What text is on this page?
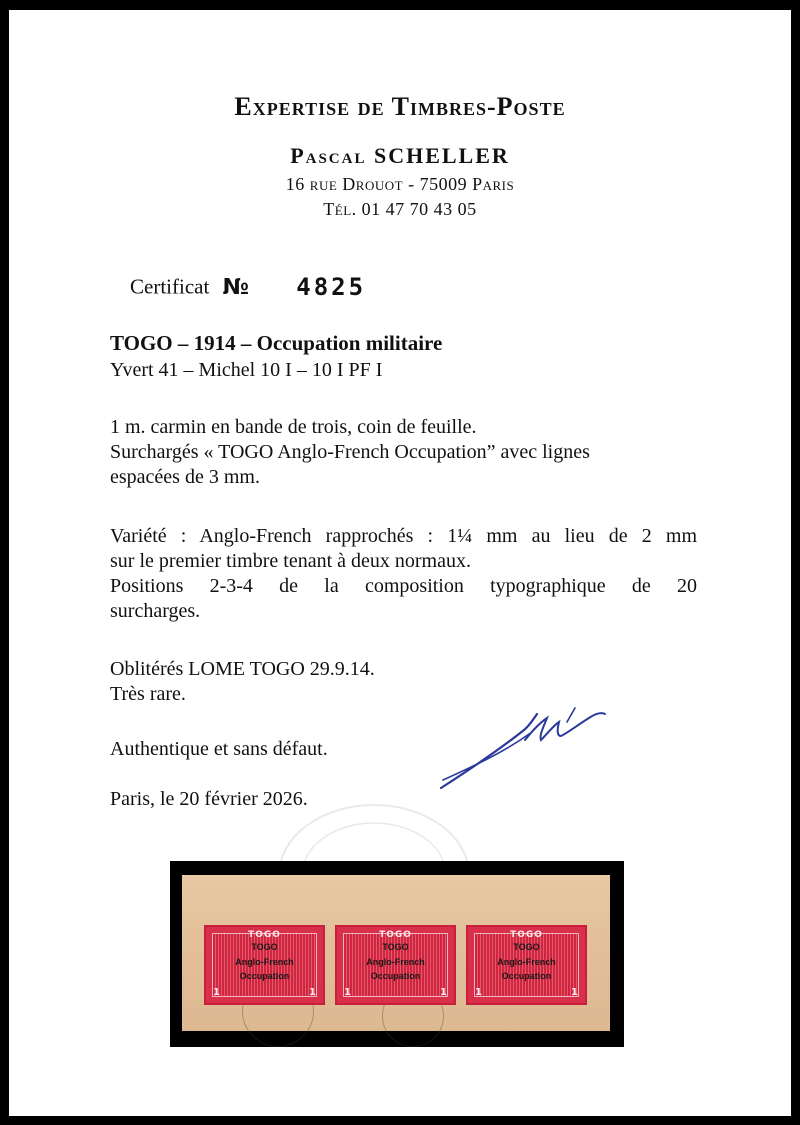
Expertise de Timbres-Poste
Pascal SCHELLER
16 rue Drouot - 75009 Paris
Tél. 01 47 70 43 05
Certificat № 4825
TOGO – 1914 – Occupation militaire
Yvert 41 – Michel 10 I – 10 I PF I
1 m. carmin en bande de trois, coin de feuille.
Surchargés « TOGO Anglo-French Occupation” avec lignes
espacées de 3 mm.
Variété : Anglo-French rapprochés : 1¼ mm au lieu de 2 mm
sur le premier timbre tenant à deux normaux.
Positions 2-3-4 de la composition typographique de 20
surcharges.
Oblitérés LOME TOGO 29.9.14.
Très rare.
Authentique et sans défaut.
Paris, le 20 février 2026.
TOGO
TOGO
Anglo-French
Occupation
1	1
TOGO
TOGO
Anglo-French
Occupation
1	1
TOGO
TOGO
Anglo-French
Occupation
1	1
